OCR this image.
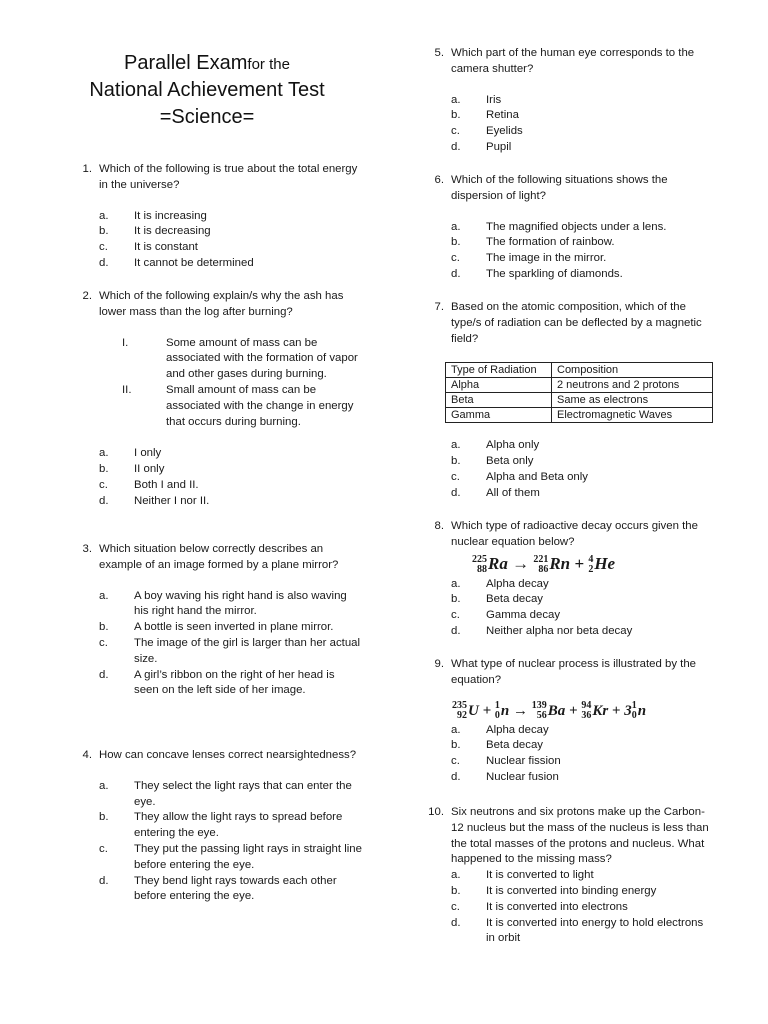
Parallel Examfor the
National Achievement Test
=Science=
1. Which of the following is true about the total energy in the universe?
a. It is increasing
b. It is decreasing
c. It is constant
d. It cannot be determined
2. Which of the following explain/s why the ash has lower mass than the log after burning?
I.	Some amount of mass can be associated with the formation of vapor and other gases during burning.
II.	Small amount of mass can be associated with the change in energy that occurs during burning.
a. I only
b. II only
c. Both I and II.
d. Neither I nor II.
3. Which situation below correctly describes an example of an image formed by a plane mirror?
a. A boy waving his right hand is also waving his right hand the mirror.
b. A bottle is seen inverted in plane mirror.
c. The image of the girl is larger than her actual size.
d. A girl’s ribbon on the right of her head is seen on the left side of her image.
4. How can concave lenses correct nearsightedness?
a. They select the light rays that can enter the eye.
b. They allow the light rays to spread before entering the eye.
c. They put the passing light rays in straight line before entering the eye.
d. They bend light rays towards each other before entering the eye.
5. Which part of the human eye corresponds to the camera shutter?
a. Iris
b. Retina
c. Eyelids
d. Pupil
6. Which of the following situations shows the dispersion of light?
a. The magnified objects under a lens.
b. The formation of rainbow.
c. The image in the mirror.
d. The sparkling of diamonds.
7. Based on the atomic composition, which of the type/s of radiation can be deflected by a magnetic field?
Type of Radiation	Composition
Alpha	2 neutrons and 2 protons
Beta	Same as electrons
Gamma	Electromagnetic Waves
a. Alpha only
b. Beta only
c. Alpha and Beta only
d. All of them
8. Which type of radioactive decay occurs given the nuclear equation below?
225
88 Ra → 221
86 Rn + 4
2 He
a. Alpha decay
b. Beta decay
c. Gamma decay
d. Neither alpha nor beta decay
9. What type of nuclear process is illustrated by the equation?
235
92 U + 1
0 n → 139
56 Ba + 94
36 Kr + 3 1
0 n
a. Alpha decay
b. Beta decay
c. Nuclear fission
d. Nuclear fusion
10. Six neutrons and six protons make up the Carbon-12 nucleus but the mass of the nucleus is less than the total masses of the protons and nucleus. What happened to the missing mass?
a. It is converted to light
b. It is converted into binding energy
c. It is converted into electrons
d. It is converted into energy to hold electrons in orbit
